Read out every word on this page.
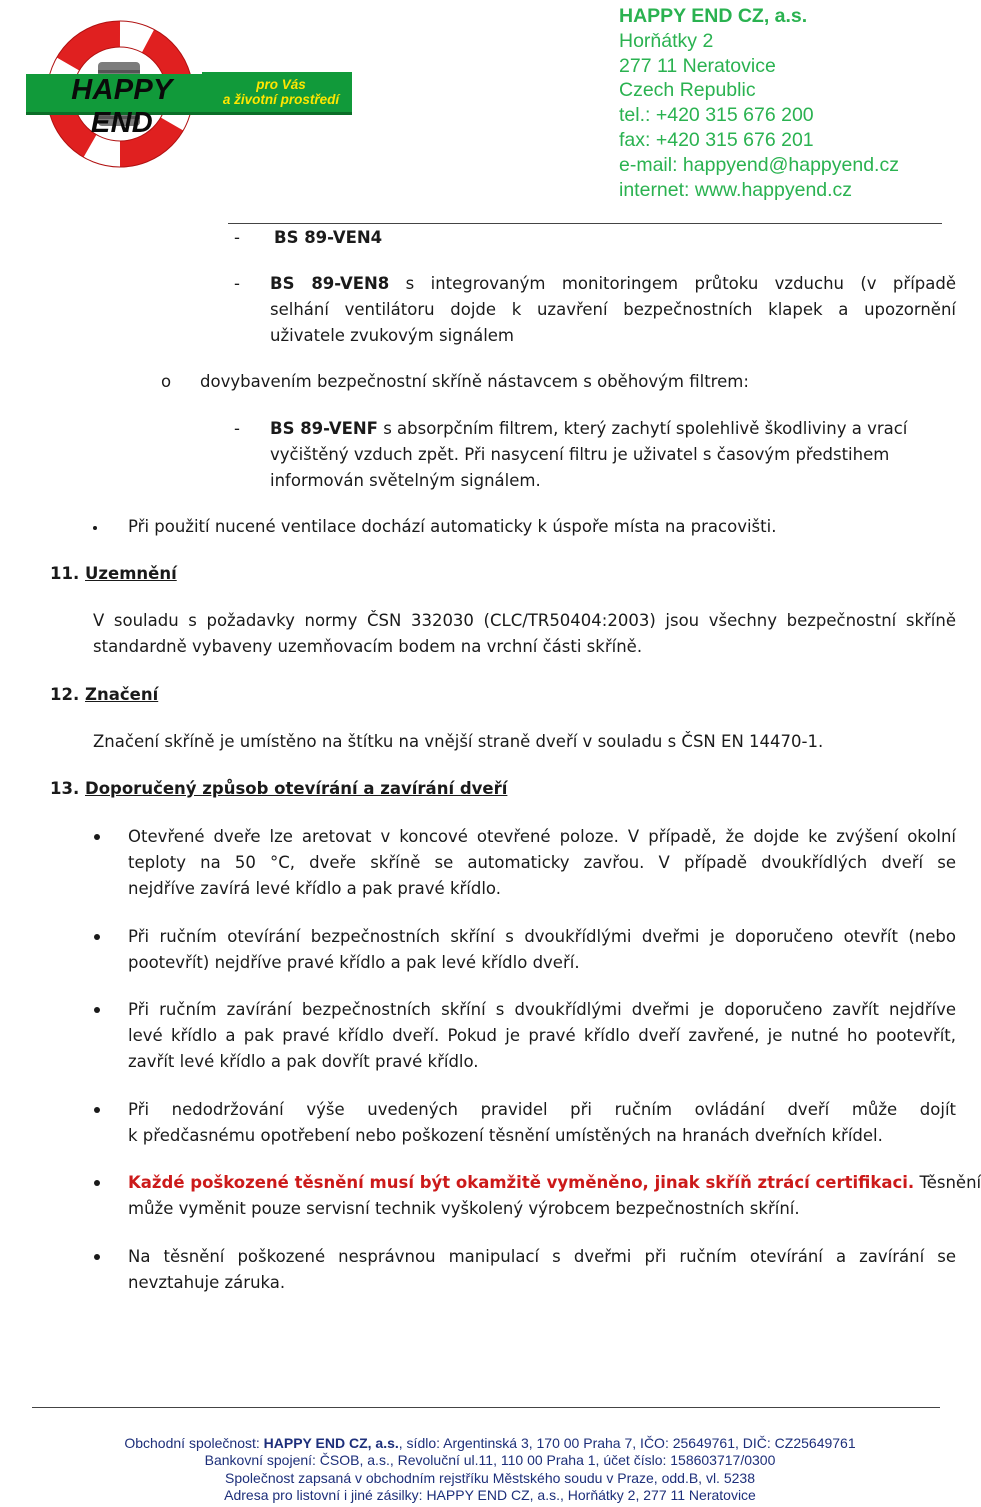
HAPPY END
pro Vás
a životní prostředí
HAPPY END CZ, a.s.
Horňátky 2
277 11 Neratovice
Czech Republic
tel.: +420 315 676 200
fax: +420 315 676 201
e-mail: happyend@happyend.cz
internet: www.happyend.cz
- BS 89-VEN4
- BS 89-VEN8 s integrovaným monitoringem průtoku vzduchu (v případě
selhání ventilátoru dojde k uzavření bezpečnostních klapek a upozornění
uživatele zvukovým signálem
o dovybavením bezpečnostní skříně nástavcem s oběhovým filtrem:
- BS 89-VENF s absorpčním filtrem, který zachytí spolehlivě škodliviny a vrací
vyčištěný vzduch zpět. Při nasycení filtru je uživatel s časovým předstihem
informován světelným signálem.
Při použití nucené ventilace dochází automaticky k úspoře místa na pracovišti.
11. Uzemnění
V souladu s požadavky normy ČSN 332030 (CLC/TR50404:2003) jsou všechny bezpečnostní skříně
standardně vybaveny uzemňovacím bodem na vrchní části skříně.
12. Značení
Značení skříně je umístěno na štítku na vnější straně dveří v souladu s ČSN EN 14470-1.
13. Doporučený způsob otevírání a zavírání dveří
Otevřené dveře lze aretovat v koncové otevřené poloze. V případě, že dojde ke zvýšení okolní
teploty na 50 °C, dveře skříně se automaticky zavřou. V případě dvoukřídlých dveří se
nejdříve zavírá levé křídlo a pak pravé křídlo.
Při ručním otevírání bezpečnostních skříní s dvoukřídlými dveřmi je doporučeno otevřít (nebo
pootevřít) nejdříve pravé křídlo a pak levé křídlo dveří.
Při ručním zavírání bezpečnostních skříní s dvoukřídlými dveřmi je doporučeno zavřít nejdříve
levé křídlo a pak pravé křídlo dveří. Pokud je pravé křídlo dveří zavřené, je nutné ho pootevřít,
zavřít levé křídlo a pak dovřít pravé křídlo.
Při nedodržování výše uvedených pravidel při ručním ovládání dveří může dojít
k předčasnému opotřebení nebo poškození těsnění umístěných na hranách dveřních křídel.
Každé poškozené těsnění musí být okamžitě vyměněno, jinak skříň ztrácí certifikaci. Těsnění
může vyměnit pouze servisní technik vyškolený výrobcem bezpečnostních skříní.
Na těsnění poškozené nesprávnou manipulací s dveřmi při ručním otevírání a zavírání se
nevztahuje záruka.
Obchodní společnost: HAPPY END CZ, a.s., sídlo: Argentinská 3, 170 00 Praha 7, IČO: 25649761, DIČ: CZ25649761
Bankovní spojení: ČSOB, a.s., Revoluční ul.11, 110 00 Praha 1, účet číslo: 158603717/0300
Společnost zapsaná v obchodním rejstříku Městského soudu v Praze, odd.B, vl. 5238
Adresa pro listovní i jiné zásilky: HAPPY END CZ, a.s., Horňátky 2, 277 11 Neratovice
